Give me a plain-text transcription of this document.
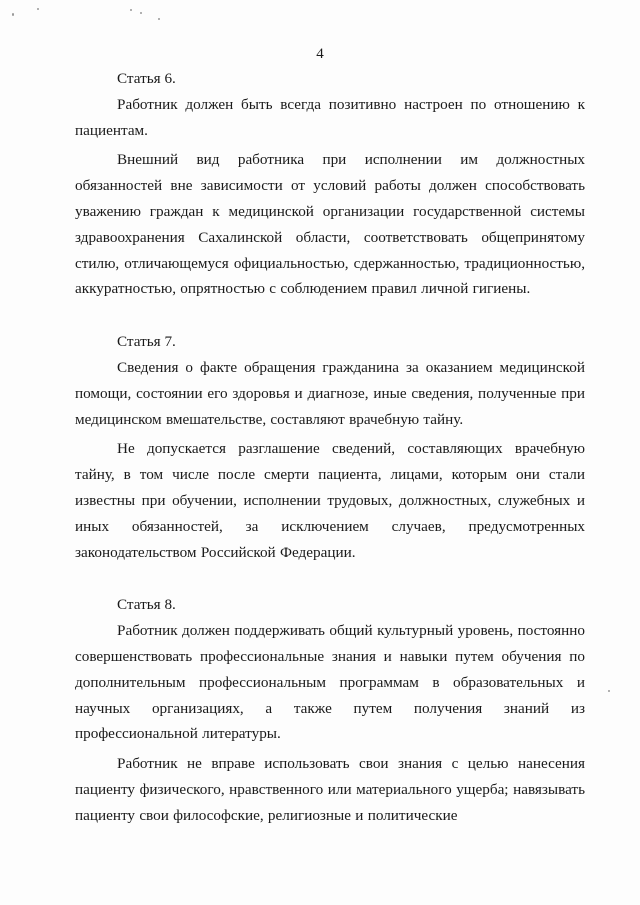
4
Статья 6.

Работник должен быть всегда позитивно настроен по отношению к пациентам.

Внешний вид работника при исполнении им должностных обязанностей вне зависимости от условий работы должен способствовать уважению граждан к медицинской организации государственной системы здравоохранения Сахалинской области, соответствовать общепринятому стилю, отличающемуся официальностью, сдержанностью, традиционностью, аккуратностью, опрятностью с соблюдением правил личной гигиены.

Статья 7.

Сведения о факте обращения гражданина за оказанием медицинской помощи, состоянии его здоровья и диагнозе, иные сведения, полученные при медицинском вмешательстве, составляют врачебную тайну.

Не допускается разглашение сведений, составляющих врачебную тайну, в том числе после смерти пациента, лицами, которым они стали известны при обучении, исполнении трудовых, должностных, служебных и иных обязанностей, за исключением случаев, предусмотренных законодательством Российской Федерации.

Статья 8.

Работник должен поддерживать общий культурный уровень, постоянно совершенствовать профессиональные знания и навыки путем обучения по дополнительным профессиональным программам в образовательных и научных организациях, а также путем получения знаний из профессиональной литературы.

Работник не вправе использовать свои знания с целью нанесения пациенту физического, нравственного или материального ущерба; навязывать пациенту свои философские, религиозные и политические
